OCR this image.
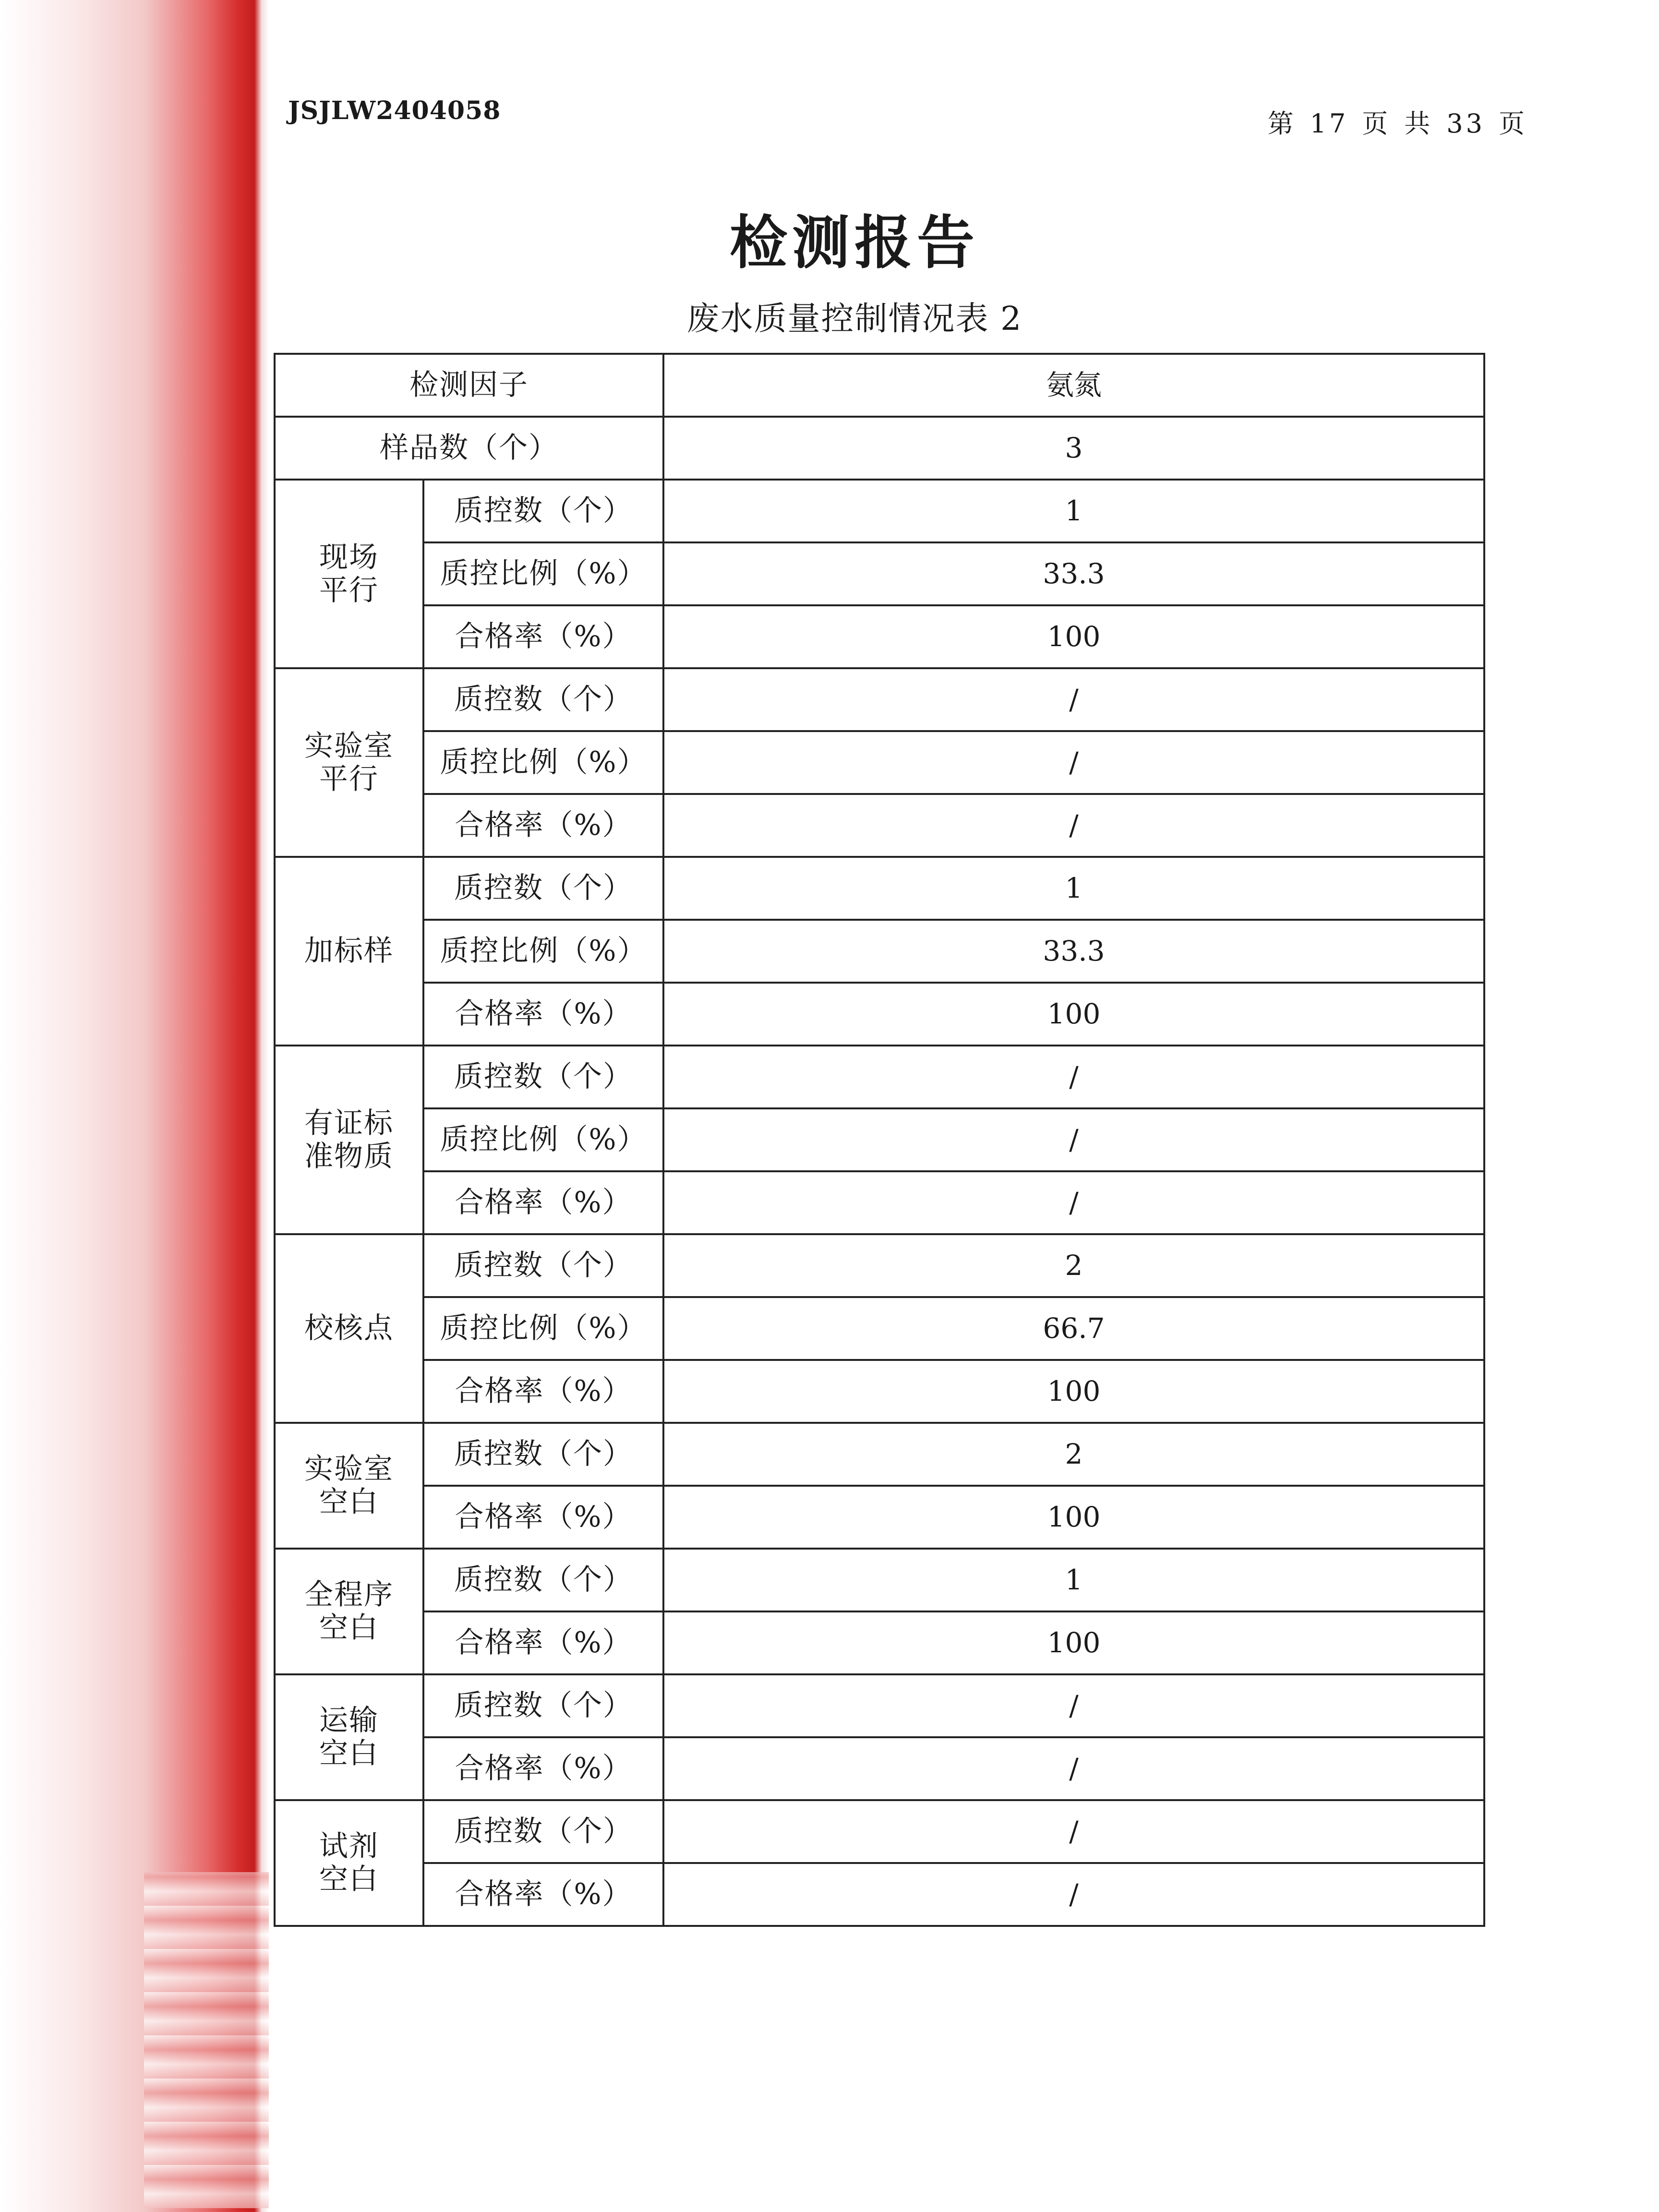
JSJLW2404058	第 17 页 共 33 页
检测报告
废水质量控制情况表 2
检测因子		氨氮
样品数（个）		3
现场
平行	质控数（个）	1
	质控比例（%）	33.3
	合格率（%）	100
实验室
平行	质控数（个）	/
	质控比例（%）	/
	合格率（%）	/
加标样	质控数（个）	1
	质控比例（%）	33.3
	合格率（%）	100
有证标
准物质	质控数（个）	/
	质控比例（%）	/
	合格率（%）	/
校核点	质控数（个）	2
	质控比例（%）	66.7
	合格率（%）	100
实验室
空白	质控数（个）	2
	合格率（%）	100
全程序
空白	质控数（个）	1
	合格率（%）	100
运输
空白	质控数（个）	/
	合格率（%）	/
试剂
空白	质控数（个）	/
	合格率（%）	/
